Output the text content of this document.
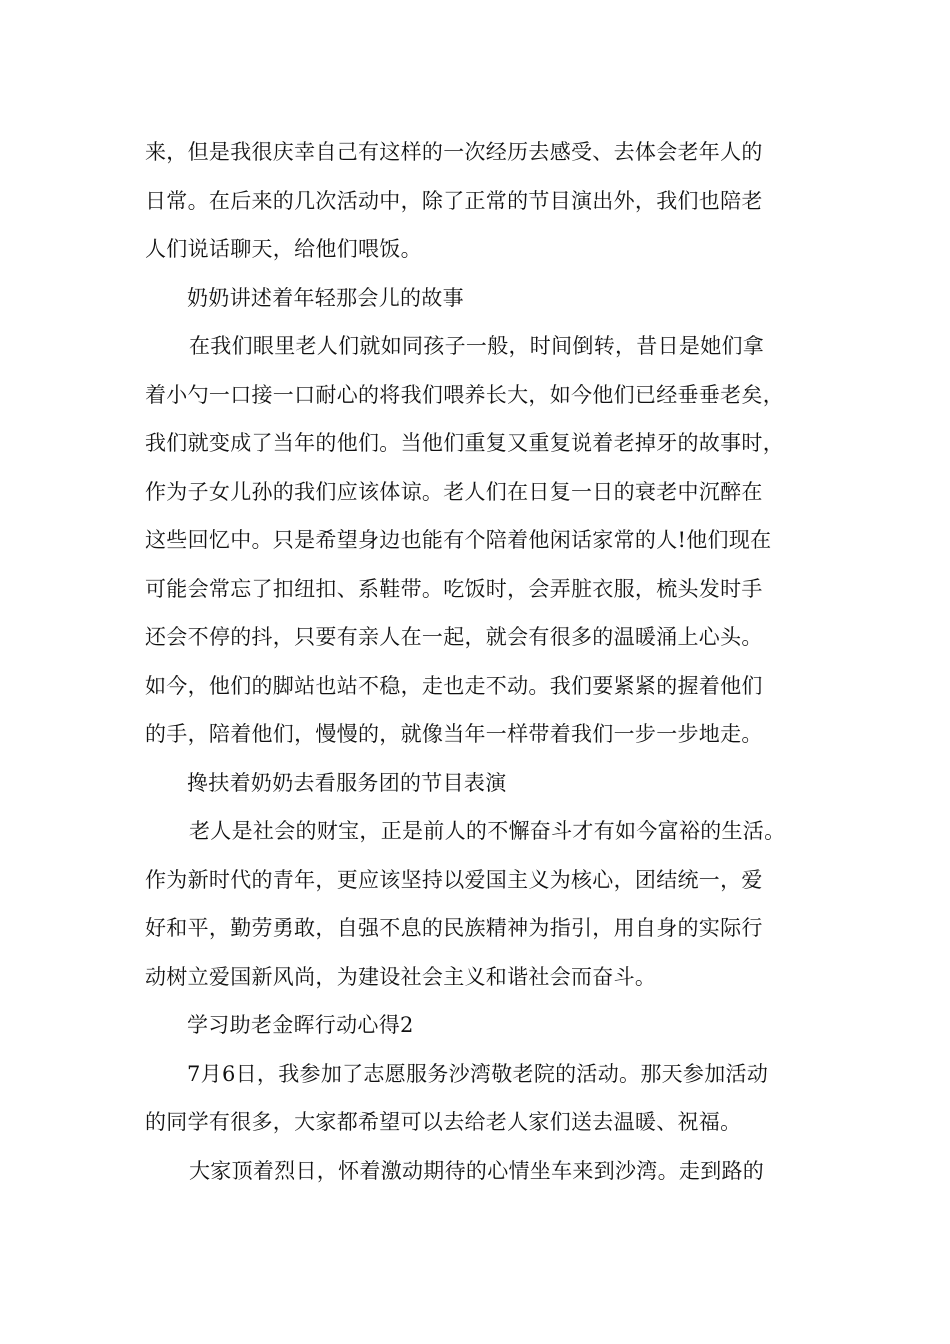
来，但是我很庆幸自己有这样的一次经历去感受、去体会老年人的
日常。在后来的几次活动中，除了正常的节目演出外，我们也陪老
人们说话聊天，给他们喂饭。
奶奶讲述着年轻那会儿的故事
在我们眼里老人们就如同孩子一般，时间倒转，昔日是她们拿
着小勺一口接一口耐心的将我们喂养长大，如今他们已经垂垂老矣，
我们就变成了当年的他们。当他们重复又重复说着老掉牙的故事时，
作为子女儿孙的我们应该体谅。老人们在日复一日的衰老中沉醉在
这些回忆中。只是希望身边也能有个陪着他闲话家常的人!他们现在
可能会常忘了扣纽扣、系鞋带。吃饭时，会弄脏衣服，梳头发时手
还会不停的抖，只要有亲人在一起，就会有很多的温暖涌上心头。
如今，他们的脚站也站不稳，走也走不动。我们要紧紧的握着他们
的手，陪着他们，慢慢的，就像当年一样带着我们一步一步地走。
搀扶着奶奶去看服务团的节目表演
老人是社会的财宝，正是前人的不懈奋斗才有如今富裕的生活。
作为新时代的青年，更应该坚持以爱国主义为核心，团结统一，爱
好和平，勤劳勇敢，自强不息的民族精神为指引，用自身的实际行
动树立爱国新风尚，为建设社会主义和谐社会而奋斗。
学习助老金晖行动心得2
7月6日，我参加了志愿服务沙湾敬老院的活动。那天参加活动
的同学有很多，大家都希望可以去给老人家们送去温暖、祝福。
大家顶着烈日，怀着激动期待的心情坐车来到沙湾。走到路的
